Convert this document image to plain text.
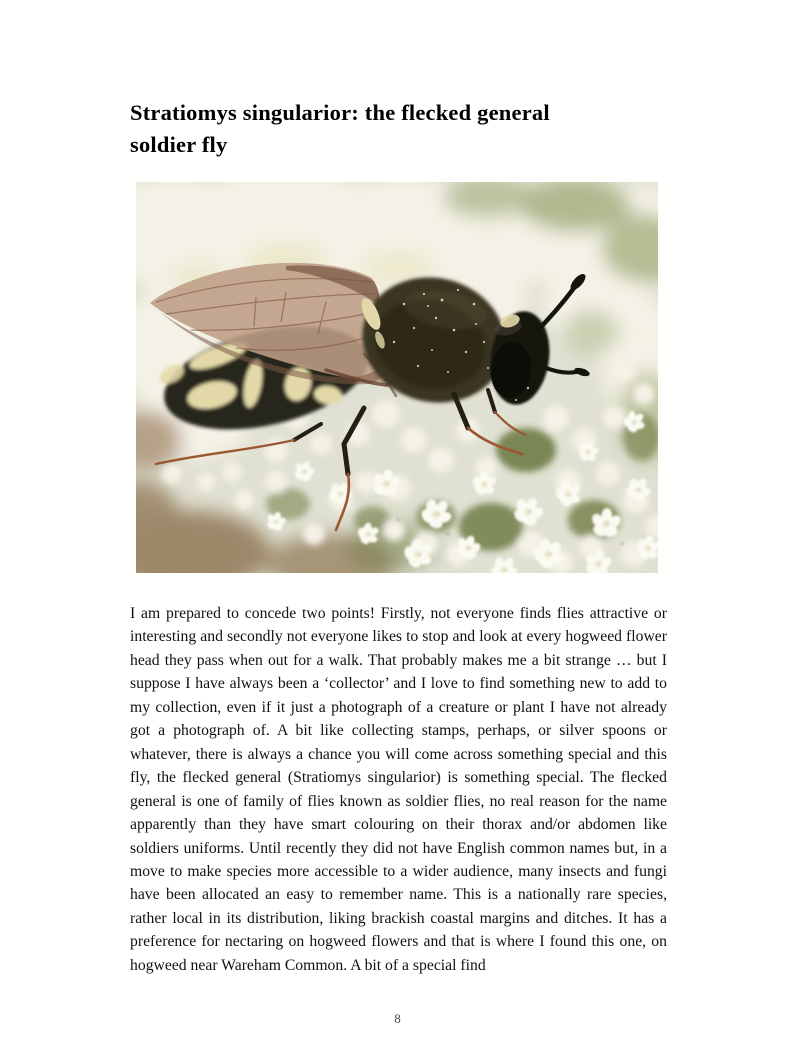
Stratiomys singularior: the flecked general
soldier fly

I am prepared to concede two points! Firstly, not everyone finds flies attractive or interesting and secondly not everyone likes to stop and look at every hogweed flower head they pass when out for a walk. That probably makes me a bit strange … but I suppose I have always been a ‘collector’ and I love to find something new to add to my collection, even if it just a photograph of a creature or plant I have not already got a photograph of. A bit like collecting stamps, perhaps, or silver spoons or whatever, there is always a chance you will come across something special and this fly, the flecked general (Stratiomys singularior) is something special. The flecked general is one of family of flies known as soldier flies, no real reason for the name apparently than they have smart colouring on their thorax and/or abdomen like soldiers uniforms. Until recently they did not have English common names but, in a move to make species more accessible to a wider audience, many insects and fungi have been allocated an easy to remember name. This is a nationally rare species, rather local in its distribution, liking brackish coastal margins and ditches. It has a preference for nectaring on hogweed flowers and that is where I found this one, on hogweed near Wareham Common. A bit of a special find

8
